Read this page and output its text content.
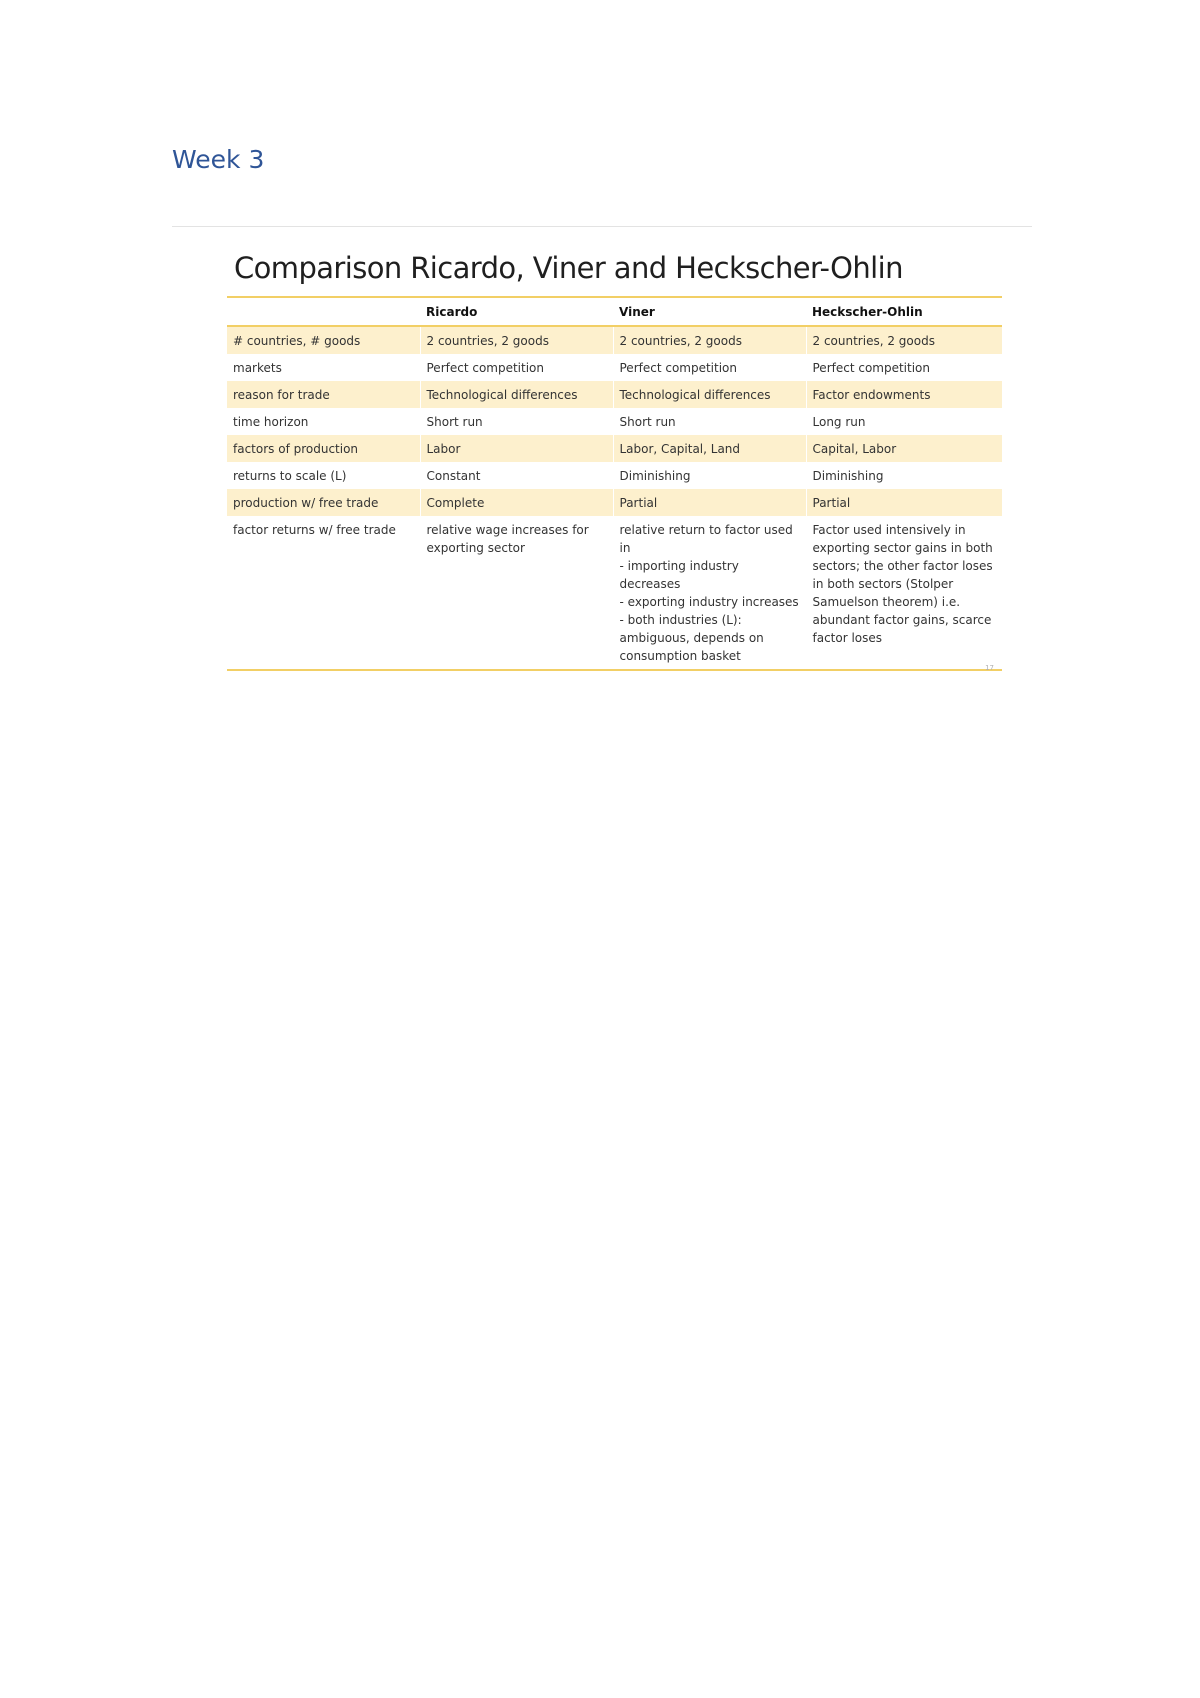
Week 3
Comparison Ricardo, Viner and Heckscher-Ohlin
	Ricardo	Viner	Heckscher-Ohlin
# countries, # goods	2 countries, 2 goods	2 countries, 2 goods	2 countries, 2 goods
markets	Perfect competition	Perfect competition	Perfect competition
reason for trade	Technological differences	Technological differences	Factor endowments
time horizon	Short run	Short run	Long run
factors of production	Labor	Labor, Capital, Land	Capital, Labor
returns to scale (L)	Constant	Diminishing	Diminishing
production w/ free trade	Complete	Partial	Partial
factor returns w/ free trade	relative wage increases for exporting sector	relative return to factor used in
- importing industry decreases
- exporting industry increases
- both industries (L): ambiguous, depends on consumption basket	Factor used intensively in exporting sector gains in both sectors; the other factor loses in both sectors (Stolper Samuelson theorem) i.e. abundant factor gains, scarce factor loses
17
